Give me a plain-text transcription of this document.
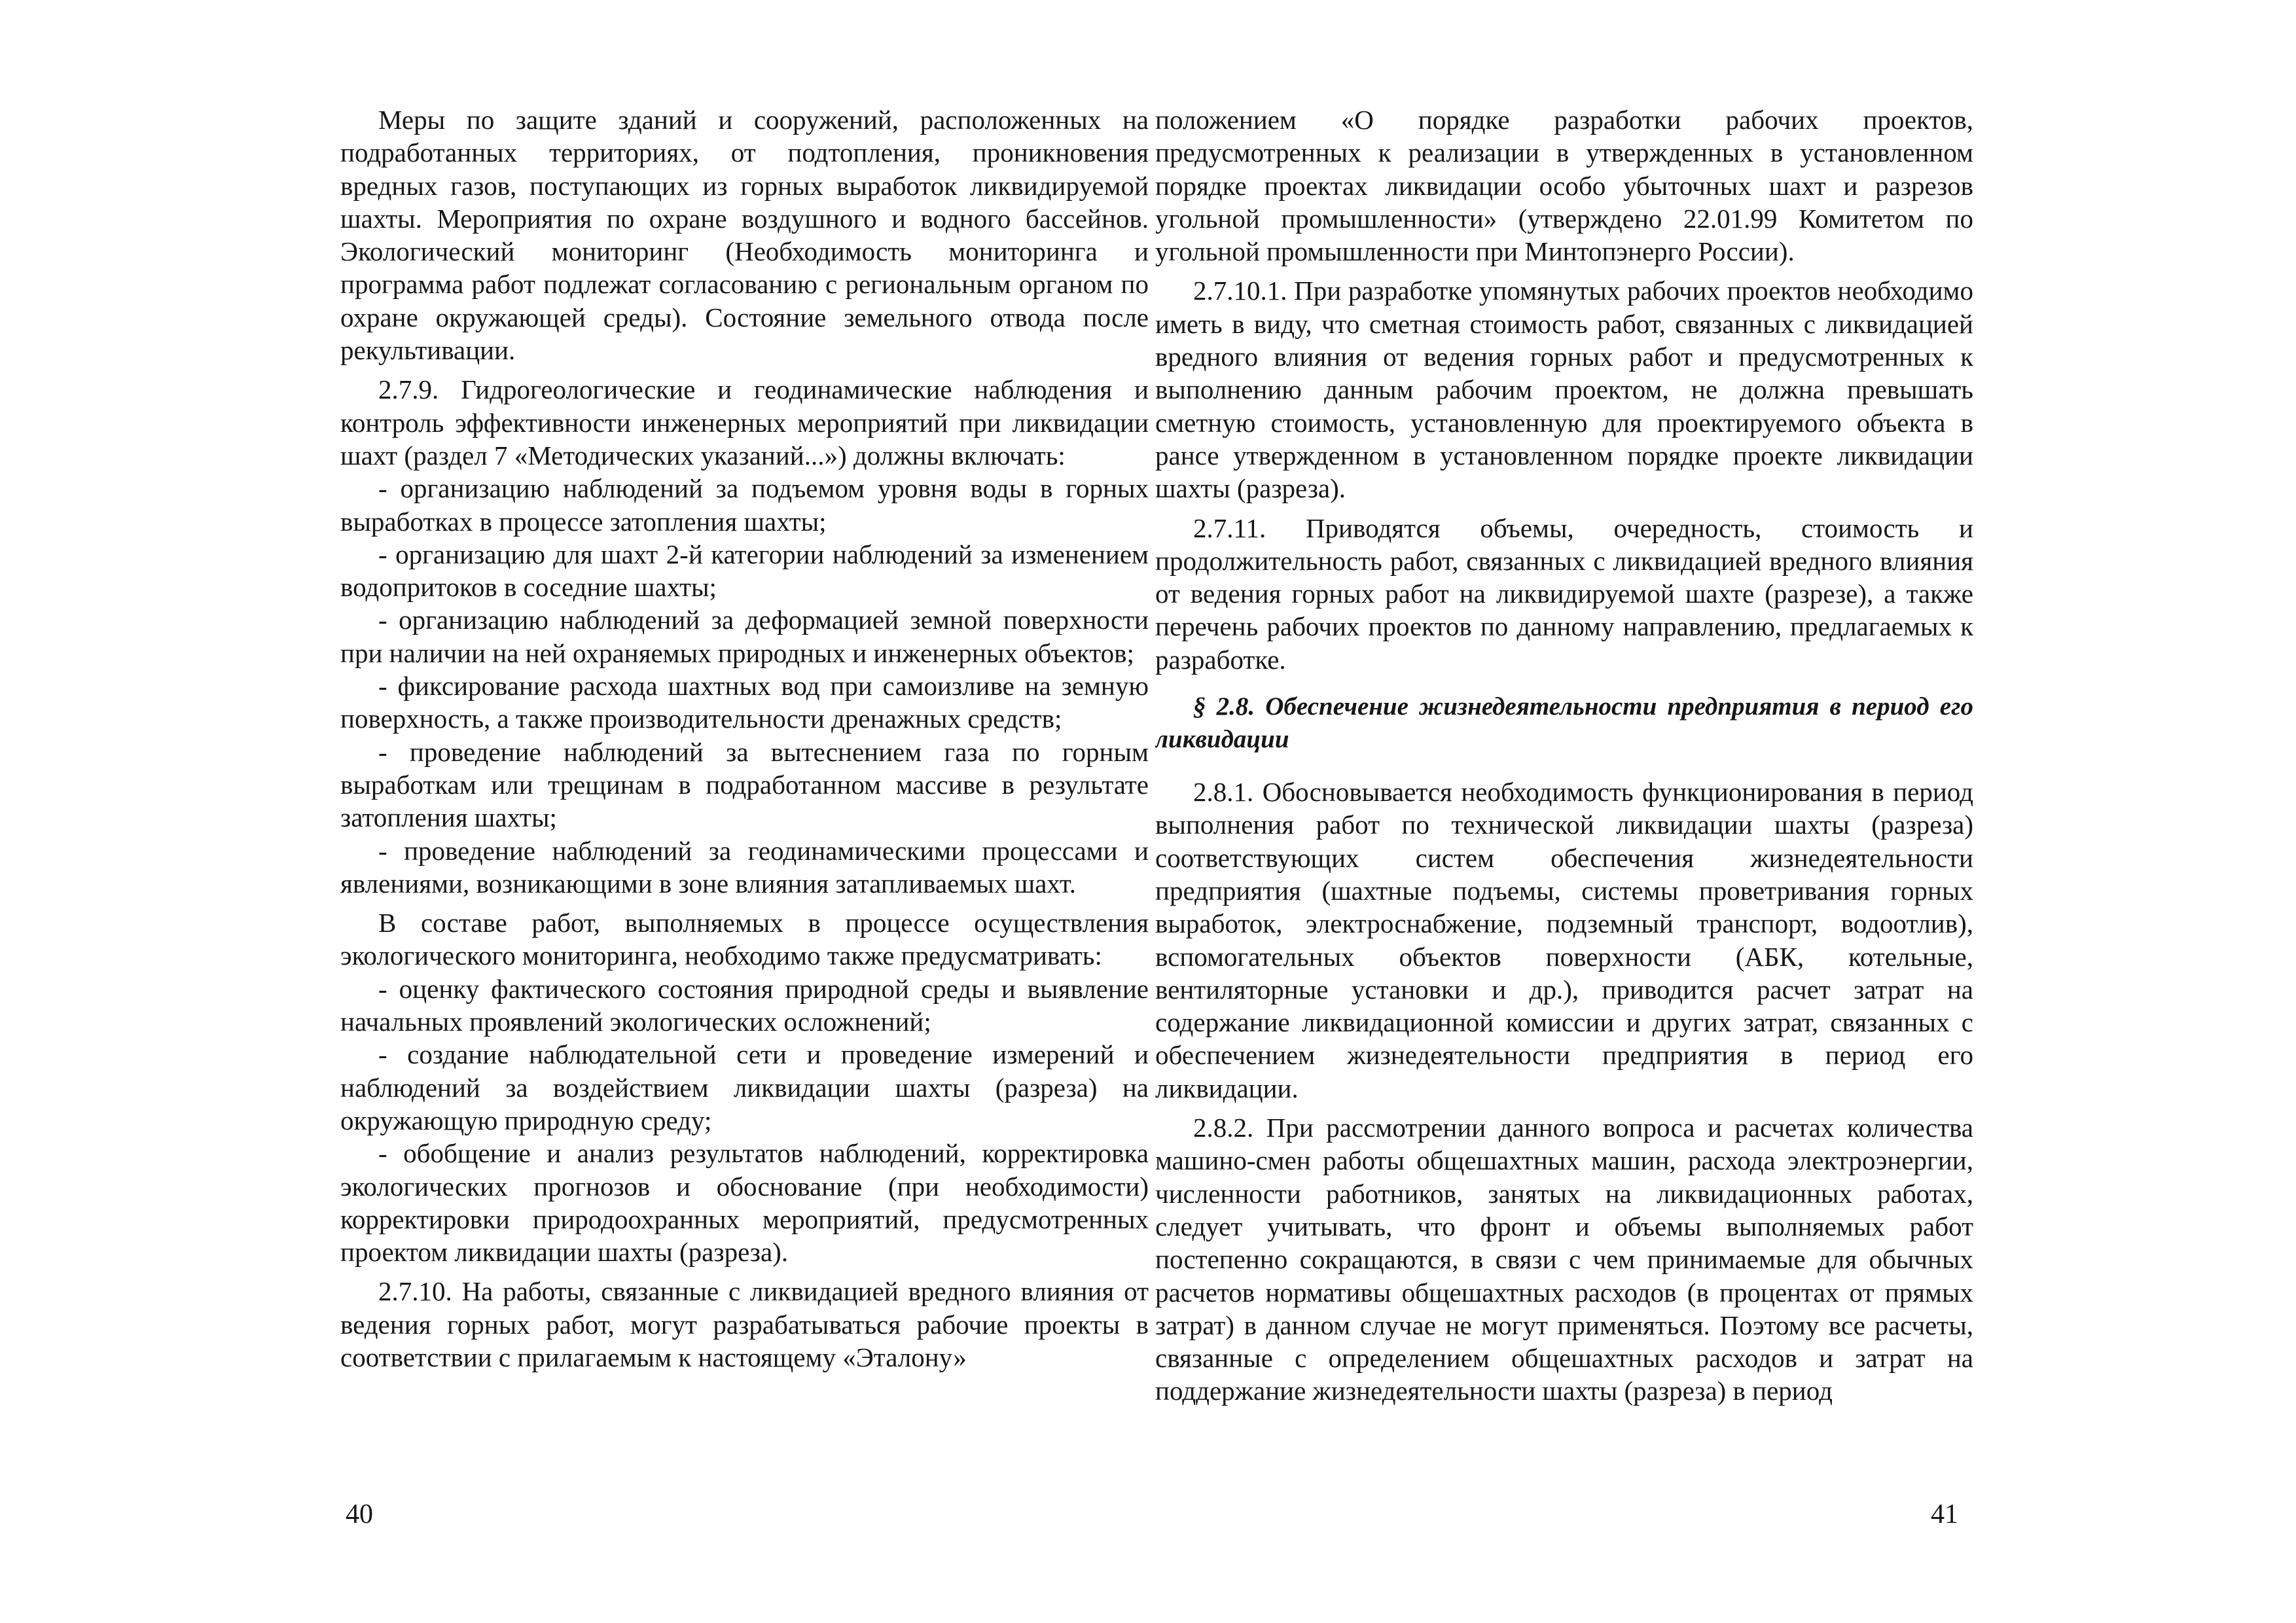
Меры по защите зданий и сооружений, расположенных на подработанных территориях, от подтопления, проникновения вредных газов, поступающих из горных выработок ликвидируемой шахты. Мероприятия по охране воздушного и водного бассейнов. Экологический мониторинг (Необходимость мониторинга и программа работ подлежат согласованию с региональным органом по охране окружающей среды). Состояние земельного отвода после рекультивации.

2.7.9. Гидрогеологические и геодинамические наблюдения и контроль эффективности инженерных мероприятий при ликвидации шахт (раздел 7 «Методических указаний...») должны включать:

- организацию наблюдений за подъемом уровня воды в горных выработках в процессе затопления шахты;

- организацию для шахт 2-й категории наблюдений за изменением водопритоков в соседние шахты;

- организацию наблюдений за деформацией земной поверхности при наличии на ней охраняемых природных и инженерных объектов;

- фиксирование расхода шахтных вод при самоизливе на земную поверхность, а также производительности дренажных средств;

- проведение наблюдений за вытеснением газа по горным выработкам или трещинам в подработанном массиве в результате затопления шахты;

- проведение наблюдений за геодинамическими процессами и явлениями, возникающими в зоне влияния затапливаемых шахт.

В составе работ, выполняемых в процессе осуществления экологического мониторинга, необходимо также предусматривать:

- оценку фактического состояния природной среды и выявление начальных проявлений экологических осложнений;

- создание наблюдательной сети и проведение измерений и наблюдений за воздействием ликвидации шахты (разреза) на окружающую природную среду;

- обобщение и анализ результатов наблюдений, корректировка экологических прогнозов и обоснование (при необходимости) корректировки природоохранных мероприятий, предусмотренных проектом ликвидации шахты (разреза).

2.7.10. На работы, связанные с ликвидацией вредного влияния от ведения горных работ, могут разрабатываться рабочие проекты в соответствии с прилагаемым к настоящему «Эталону»

40

положением «О порядке разработки рабочих проектов, предусмотренных к реализации в утвержденных в установленном порядке проектах ликвидации особо убыточных шахт и разрезов угольной промышленности» (утверждено 22.01.99 Комитетом по угольной промышленности при Минтопэнерго России).

2.7.10.1. При разработке упомянутых рабочих проектов необходимо иметь в виду, что сметная стоимость работ, связанных с ликвидацией вредного влияния от ведения горных работ и предусмотренных к выполнению данным рабочим проектом, не должна превышать сметную стоимость, установленную для проектируемого объекта в рансе утвержденном в установленном порядке проекте ликвидации шахты (разреза).

2.7.11. Приводятся объемы, очередность, стоимость и продолжительность работ, связанных с ликвидацией вредного влияния от ведения горных работ на ликвидируемой шахте (разрезе), а также перечень рабочих проектов по данному направлению, предлагаемых к разработке.

§ 2.8. Обеспечение жизнедеятельности предприятия в период его ликвидации

2.8.1. Обосновывается необходимость функционирования в период выполнения работ по технической ликвидации шахты (разреза) соответствующих систем обеспечения жизнедеятельности предприятия (шахтные подъемы, системы проветривания горных выработок, электроснабжение, подземный транспорт, водоотлив), вспомогательных объектов поверхности (АБК, котельные, вентиляторные установки и др.), приводится расчет затрат на содержание ликвидационной комиссии и других затрат, связанных с обеспечением жизнедеятельности предприятия в период его ликвидации.

2.8.2. При рассмотрении данного вопроса и расчетах количества машино-смен работы общешахтных машин, расхода электроэнергии, численности работников, занятых на ликвидационных работах, следует учитывать, что фронт и объемы выполняемых работ постепенно сокращаются, в связи с чем принимаемые для обычных расчетов нормативы общешахтных расходов (в процентах от прямых затрат) в данном случае не могут применяться. Поэтому все расчеты, связанные с определением общешахтных расходов и затрат на поддержание жизнедеятельности шахты (разреза) в период

41
